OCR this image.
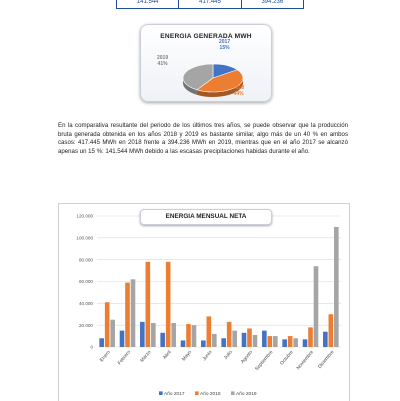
141.544	417.445	394.236
ENERGIA GENERADA MWH
2017
15%
2018
44%
2019
41%
En la comparativa resultante del periodo de los últimos tres años, se puede observar que la producción bruta generada obtenida en los años 2018 y 2019 es bastante similar, algo más de un 40 % en ambos casos: 417.445 MWh en 2018 frente a 394.236 MWh en 2019, mientras que en el año 2017 se alcanzó apenas un 15 %: 141.544 MWh debido a las escasas precipitaciones habidas durante el año.
0
20.000
40.000
60.000
80.000
100.000
120.000
Enero Febrero Marzo Abril Mayo Junio Julio Agosto Septiembre Octubre Noviembre Diciembre
Año 2017	Año 2018	Año 2019
ENERGIA MENSUAL NETA
